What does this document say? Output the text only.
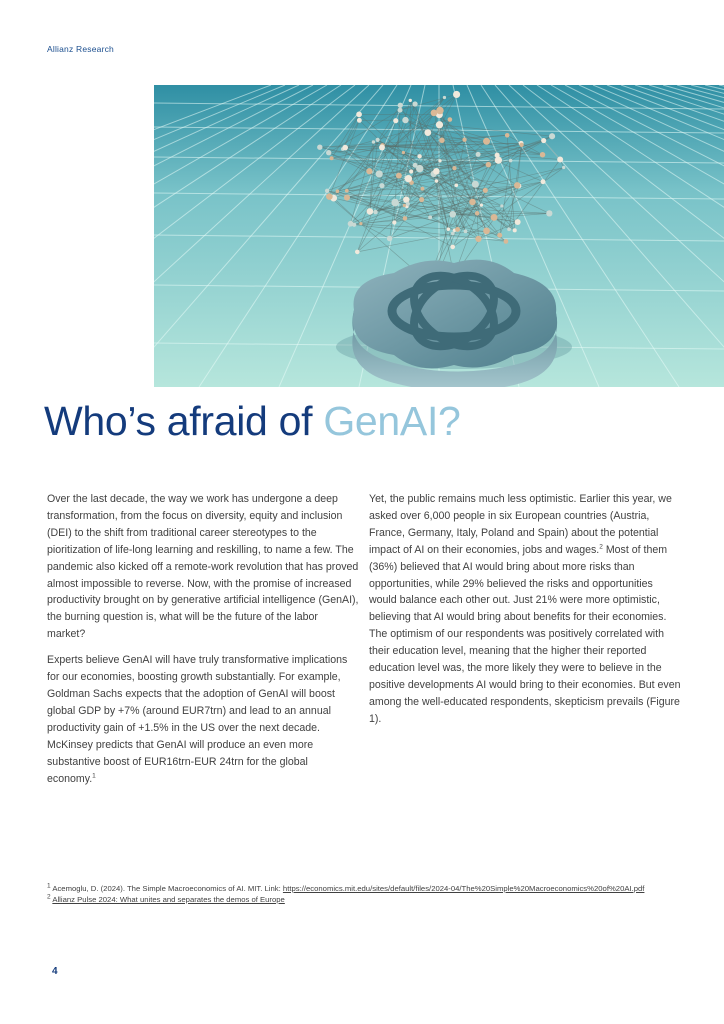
Allianz Research
Who’s afraid of GenAI?

Over the last decade, the way we work has undergone a deep transformation, from the focus on diversity, equity and inclusion (DEI) to the shift from traditional career stereotypes to the pioritization of life-long learning and reskilling, to name a few. The pandemic also kicked off a remote-work revolution that has proved almost impossible to reverse. Now, with the promise of increased productivity brought on by generative artificial intelligence (GenAI), the burning question is, what will be the future of the labor market?

Experts believe GenAI will have truly transformative implications for our economies, boosting growth substantially. For example, Goldman Sachs expects that the adoption of GenAI will boost global GDP by +7% (around EUR7trn) and lead to an annual productivity gain of +1.5% in the US over the next decade. McKinsey predicts that GenAI will produce an even more substantive boost of EUR16trn-EUR 24trn for the global economy.$^1$

Yet, the public remains much less optimistic. Earlier this year, we asked over 6,000 people in six European countries (Austria, France, Germany, Italy, Poland and Spain) about the potential impact of AI on their economies, jobs and wages.$^2$ Most of them (36%) believed that AI would bring about more risks than opportunities, while 29% believed the risks and opportunities would balance each other out. Just 21% were more optimistic, believing that AI would bring about benefits for their economies. The optimism of our respondents was positively correlated with their education level, meaning that the higher their reported education level was, the more likely they were to believe in the positive developments AI would bring to their economies. But even among the well-educated respondents, skepticism prevails (Figure 1).

$^1$ Acemoglu, D. (2024). The Simple Macroeconomics of AI. MIT. Link: https://economics.mit.edu/sites/default/files/2024-04/The%20Simple%20Macroeconomics%20of%20AI.pdf

$^2$ Allianz Pulse 2024: What unites and separates the demos of Europe

4
